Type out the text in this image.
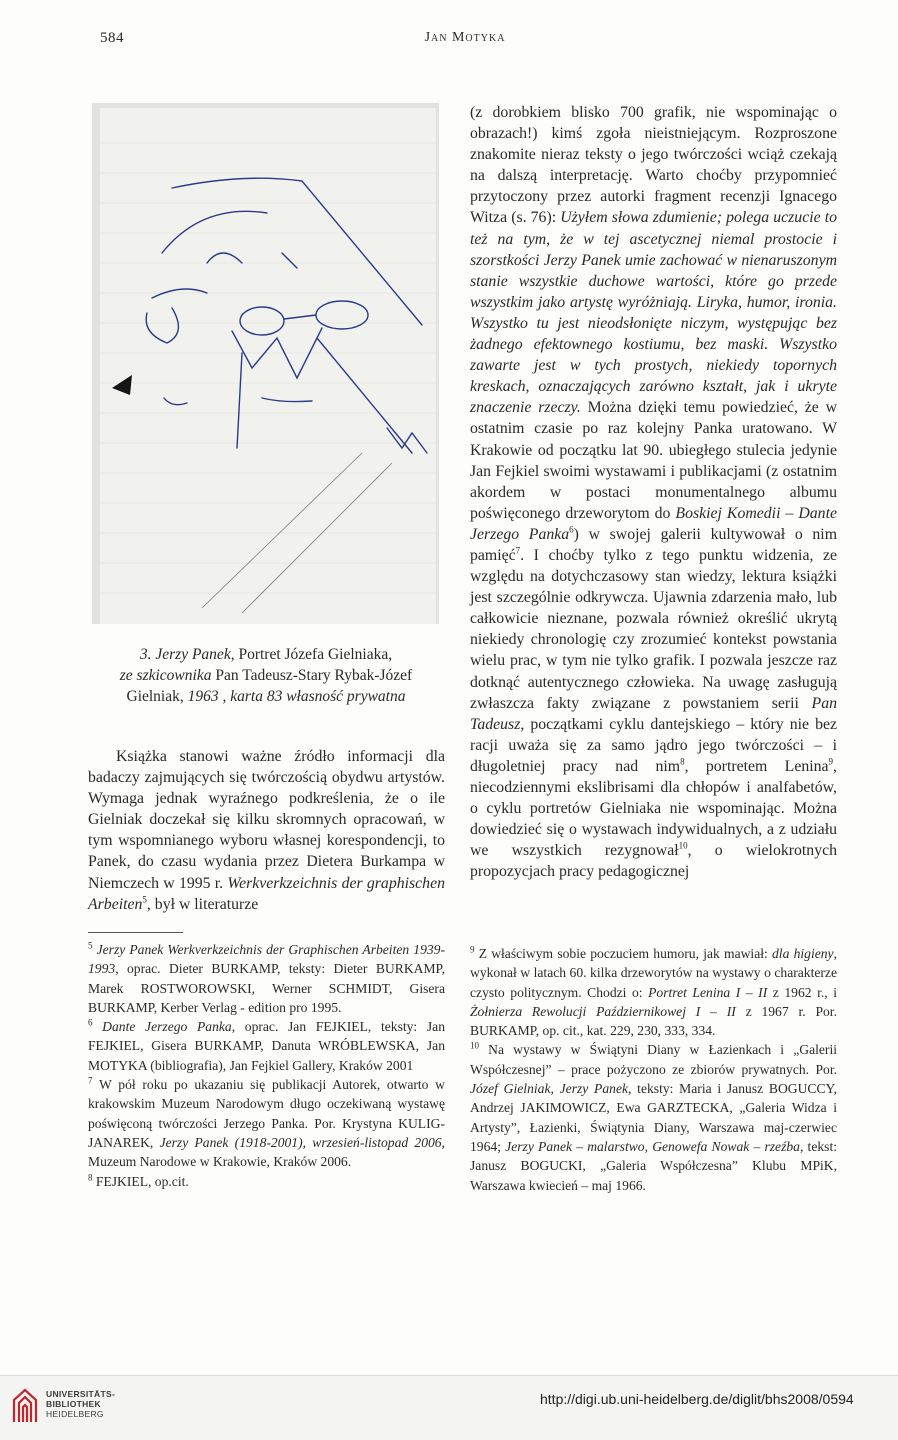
584	Jan Motyka
3. Jerzy Panek, Portret Józefa Gielniaka,
ze szkicownika Pan Tadeusz-Stary Rybak-Józef
Gielniak, 1963 , karta 83 własność prywatna
Książka stanowi ważne źródło informacji dla badaczy zajmujących się twórczością obydwu artystów. Wymaga jednak wyraźnego podkreślenia, że o ile Gielniak doczekał się kilku skromnych opracowań, w tym wspomnianego wyboru własnej korespondencji, to Panek, do czasu wydania przez Dietera Burkampa w Niemczech w 1995 r. Werkverkzeichnis der graphischen Arbeiten$^5$, był w literaturze
(z dorobkiem blisko 700 grafik, nie wspominając o obrazach!) kimś zgoła nieistniejącym. Rozproszone znakomite nieraz teksty o jego twórczości wciąż czekają na dalszą interpretację. Warto choćby przypomnieć przytoczony przez autorki fragment recenzji Ignacego Witza (s. 76): Użyłem słowa zdumienie; polega uczucie to też na tym, że w tej ascetycznej niemal prostocie i szorstkości Jerzy Panek umie zachować w nienaruszonym stanie wszystkie duchowe wartości, które go przede wszystkim jako artystę wyróżniają. Liryka, humor, ironia. Wszystko tu jest nieodsłonięte niczym, występując bez żadnego efektownego kostiumu, bez maski. Wszystko zawarte jest w tych prostych, niekiedy topornych kreskach, oznaczających zarówno kształt, jak i ukryte znaczenie rzeczy. Można dzięki temu powiedzieć, że w ostatnim czasie po raz kolejny Panka uratowano. W Krakowie od początku lat 90. ubiegłego stulecia jedynie Jan Fejkiel swoimi wystawami i publikacjami (z ostatnim akordem w postaci monumentalnego albumu poświęconego drzeworytom do Boskiej Komedii – Dante Jerzego Panka$^6$) w swojej galerii kultywował o nim pamięć$^7$. I choćby tylko z tego punktu widzenia, ze względu na dotychczasowy stan wiedzy, lektura książki jest szczególnie odkrywcza. Ujawnia zdarzenia mało, lub całkowicie nieznane, pozwala również określić ukrytą niekiedy chronologię czy zrozumieć kontekst powstania wielu prac, w tym nie tylko grafik. I pozwala jeszcze raz dotknąć autentycznego człowieka. Na uwagę zasługują zwłaszcza fakty związane z powstaniem serii Pan Tadeusz, początkami cyklu dantejskiego – który nie bez racji uważa się za samo jądro jego twórczości – i długoletniej pracy nad nim$^8$, portretem Lenina$^9$, niecodziennymi ekslibrisami dla chłopów i analfabetów, o cyklu portretów Gielniaka nie wspominając. Można dowiedzieć się o wystawach indywidualnych, a z udziału we wszystkich rezygnował$^{10}$, o wielokrotnych propozycjach pracy pedagogicznej

$^5$ Jerzy Panek Werkverkzeichnis der Graphischen Arbeiten 1939-1993, oprac. Dieter BURKAMP, teksty: Dieter BURKAMP, Marek ROSTWOROWSKI, Werner SCHMIDT, Gisera BURKAMP, Kerber Verlag - edition pro 1995.

$^6$ Dante Jerzego Panka, oprac. Jan FEJKIEL, teksty: Jan FEJKIEL, Gisera BURKAMP, Danuta WRÓBLEWSKA, Jan MOTYKA (bibliografia), Jan Fejkiel Gallery, Kraków 2001

$^7$ W pół roku po ukazaniu się publikacji Autorek, otwarto w krakowskim Muzeum Narodowym długo oczekiwaną wystawę poświęconą twórczości Jerzego Panka. Por. Krystyna KULIG-JANAREK, Jerzy Panek (1918-2001), wrzesień-listopad 2006, Muzeum Narodowe w Krakowie, Kraków 2006.

$^8$ FEJKIEL, op.cit.

$^9$ Z właściwym sobie poczuciem humoru, jak mawiał: dla higieny, wykonał w latach 60. kilka drzeworytów na wystawy o charakterze czysto politycznym. Chodzi o: Portret Lenina I – II z 1962 r., i Żołnierza Rewolucji Październikowej I – II z 1967 r. Por. BURKAMP, op. cit., kat. 229, 230, 333, 334.

$^{10}$ Na wystawy w Świątyni Diany w Łazienkach i „Galerii Współczesnej” – prace pożyczono ze zbiorów prywatnych. Por. Józef Gielniak, Jerzy Panek, teksty: Maria i Janusz BOGUCCY, Andrzej JAKIMOWICZ, Ewa GARZTECKA, „Galeria Widza i Artysty”, Łazienki, Świątynia Diany, Warszawa maj-czerwiec 1964; Jerzy Panek – malarstwo, Genowefa Nowak – rzeźba, tekst: Janusz BOGUCKI, „Galeria Współczesna” Klubu MPiK, Warszawa kwiecień – maj 1966.

UNIVERSITÄTS-
BIBLIOTHEK
HEIDELBERG
http://digi.ub.uni-heidelberg.de/diglit/bhs2008/0594
